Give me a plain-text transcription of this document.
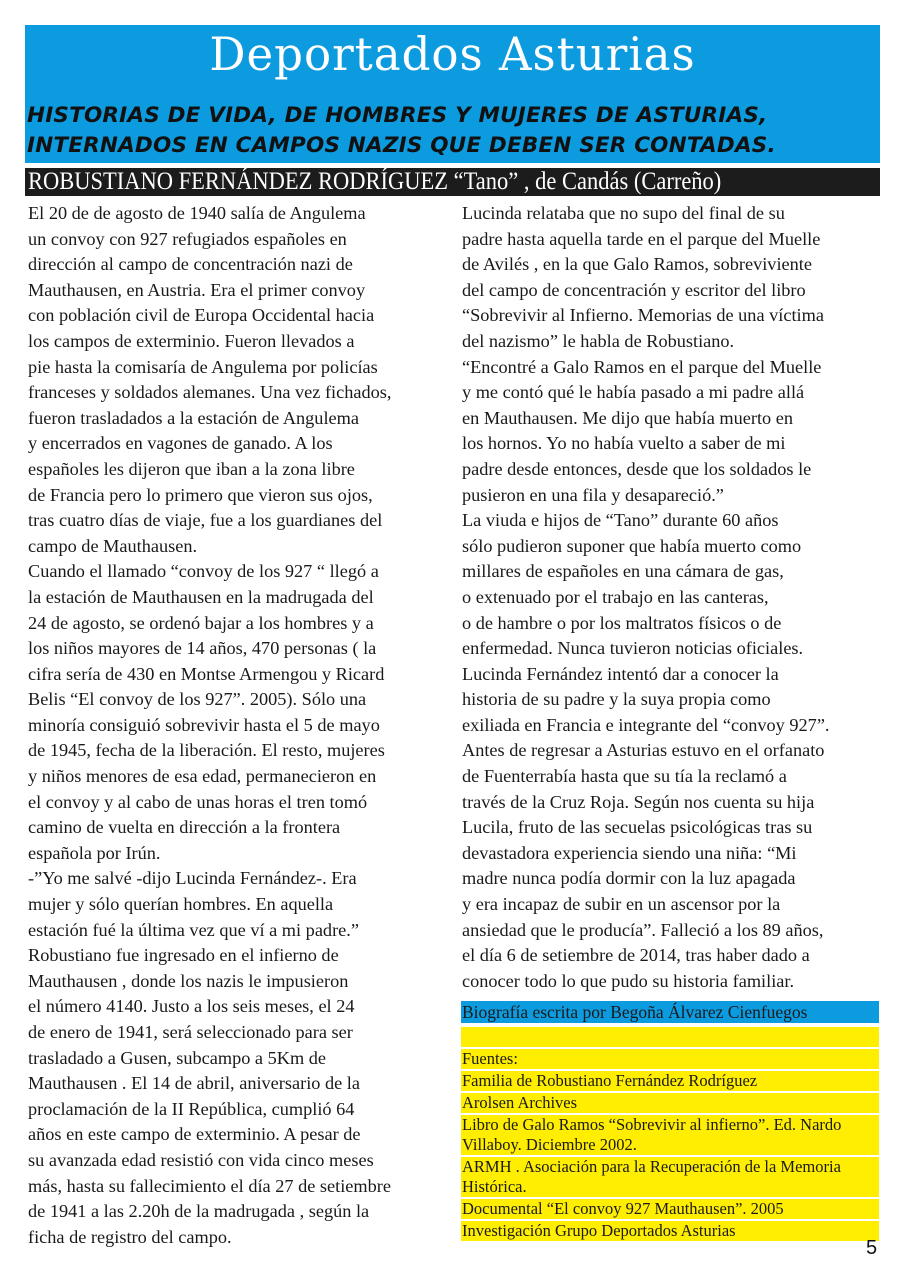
Deportados Asturias
HISTORIAS DE VIDA, DE HOMBRES Y MUJERES DE ASTURIAS,
INTERNADOS EN CAMPOS NAZIS QUE DEBEN SER CONTADAS.
ROBUSTIANO FERNÁNDEZ RODRÍGUEZ “Tano” , de Candás (Carreño)
El 20 de de agosto de 1940 salía de Angulema
un convoy con 927 refugiados españoles en
dirección al campo de concentración nazi de
Mauthausen, en Austria. Era el primer convoy
con población civil de Europa Occidental hacia
los campos de exterminio. Fueron llevados a
pie hasta la comisaría de Angulema por policías
franceses y soldados alemanes. Una vez fichados,
fueron trasladados a la estación de Angulema
y encerrados en vagones de ganado. A los
españoles les dijeron que iban a la zona libre
de Francia pero lo primero que vieron sus ojos,
tras cuatro días de viaje, fue a los guardianes del
campo de Mauthausen.
Cuando el llamado “convoy de los 927 “ llegó a
la estación de Mauthausen en la madrugada del
24 de agosto, se ordenó bajar a los hombres y a
los niños mayores de 14 años, 470 personas ( la
cifra sería de 430 en Montse Armengou y Ricard
Belis “El convoy de los 927”. 2005). Sólo una
minoría consiguió sobrevivir hasta el 5 de mayo
de 1945, fecha de la liberación. El resto, mujeres
y niños menores de esa edad, permanecieron en
el convoy y al cabo de unas horas el tren tomó
camino de vuelta en dirección a la frontera
española por Irún.
-”Yo me salvé -dijo Lucinda Fernández-. Era
mujer y sólo querían hombres. En aquella
estación fué la última vez que ví a mi padre.”
Robustiano fue ingresado en el infierno de
Mauthausen , donde los nazis le impusieron
el número 4140. Justo a los seis meses, el 24
de enero de 1941, será seleccionado para ser
trasladado a Gusen, subcampo a 5Km de
Mauthausen . El 14 de abril, aniversario de la
proclamación de la II República, cumplió 64
años en este campo de exterminio. A pesar de
su avanzada edad resistió con vida cinco meses
más, hasta su fallecimiento el día 27 de setiembre
de 1941 a las 2.20h de la madrugada , según la
ficha de registro del campo.
Lucinda relataba que no supo del final de su
padre hasta aquella tarde en el parque del Muelle
de Avilés , en la que Galo Ramos, sobreviviente
del campo de concentración y escritor del libro
“Sobrevivir al Infierno. Memorias de una víctima
del nazismo” le habla de Robustiano.
“Encontré a Galo Ramos en el parque del Muelle
y me contó qué le había pasado a mi padre allá
en Mauthausen. Me dijo que había muerto en
los hornos. Yo no había vuelto a saber de mi
padre desde entonces, desde que los soldados le
pusieron en una fila y desapareció.”
La viuda e hijos de “Tano” durante 60 años
sólo pudieron suponer que había muerto como
millares de españoles en una cámara de gas,
o extenuado por el trabajo en las canteras,
o de hambre o por los maltratos físicos o de
enfermedad. Nunca tuvieron noticias oficiales.
Lucinda Fernández intentó dar a conocer la
historia de su padre y la suya propia como
exiliada en Francia e integrante del “convoy 927”.
Antes de regresar a Asturias estuvo en el orfanato
de Fuenterrabía hasta que su tía la reclamó a
través de la Cruz Roja. Según nos cuenta su hija
Lucila, fruto de las secuelas psicológicas tras su
devastadora experiencia siendo una niña: “Mi
madre nunca podía dormir con la luz apagada
y era incapaz de subir en un ascensor por la
ansiedad que le producía”. Falleció a los 89 años,
el día 6 de setiembre de 2014, tras haber dado a
conocer todo lo que pudo su historia familiar.
Biografía escrita por Begoña Álvarez Cienfuegos
Fuentes:
Familia de Robustiano Fernández Rodríguez
Arolsen Archives
Libro de Galo Ramos “Sobrevivir al infierno”. Ed. Nardo
Villaboy. Diciembre 2002.
ARMH . Asociación para la Recuperación de la Memoria
Histórica.
Documental “El convoy 927 Mauthausen”. 2005
Investigación Grupo Deportados Asturias
5
